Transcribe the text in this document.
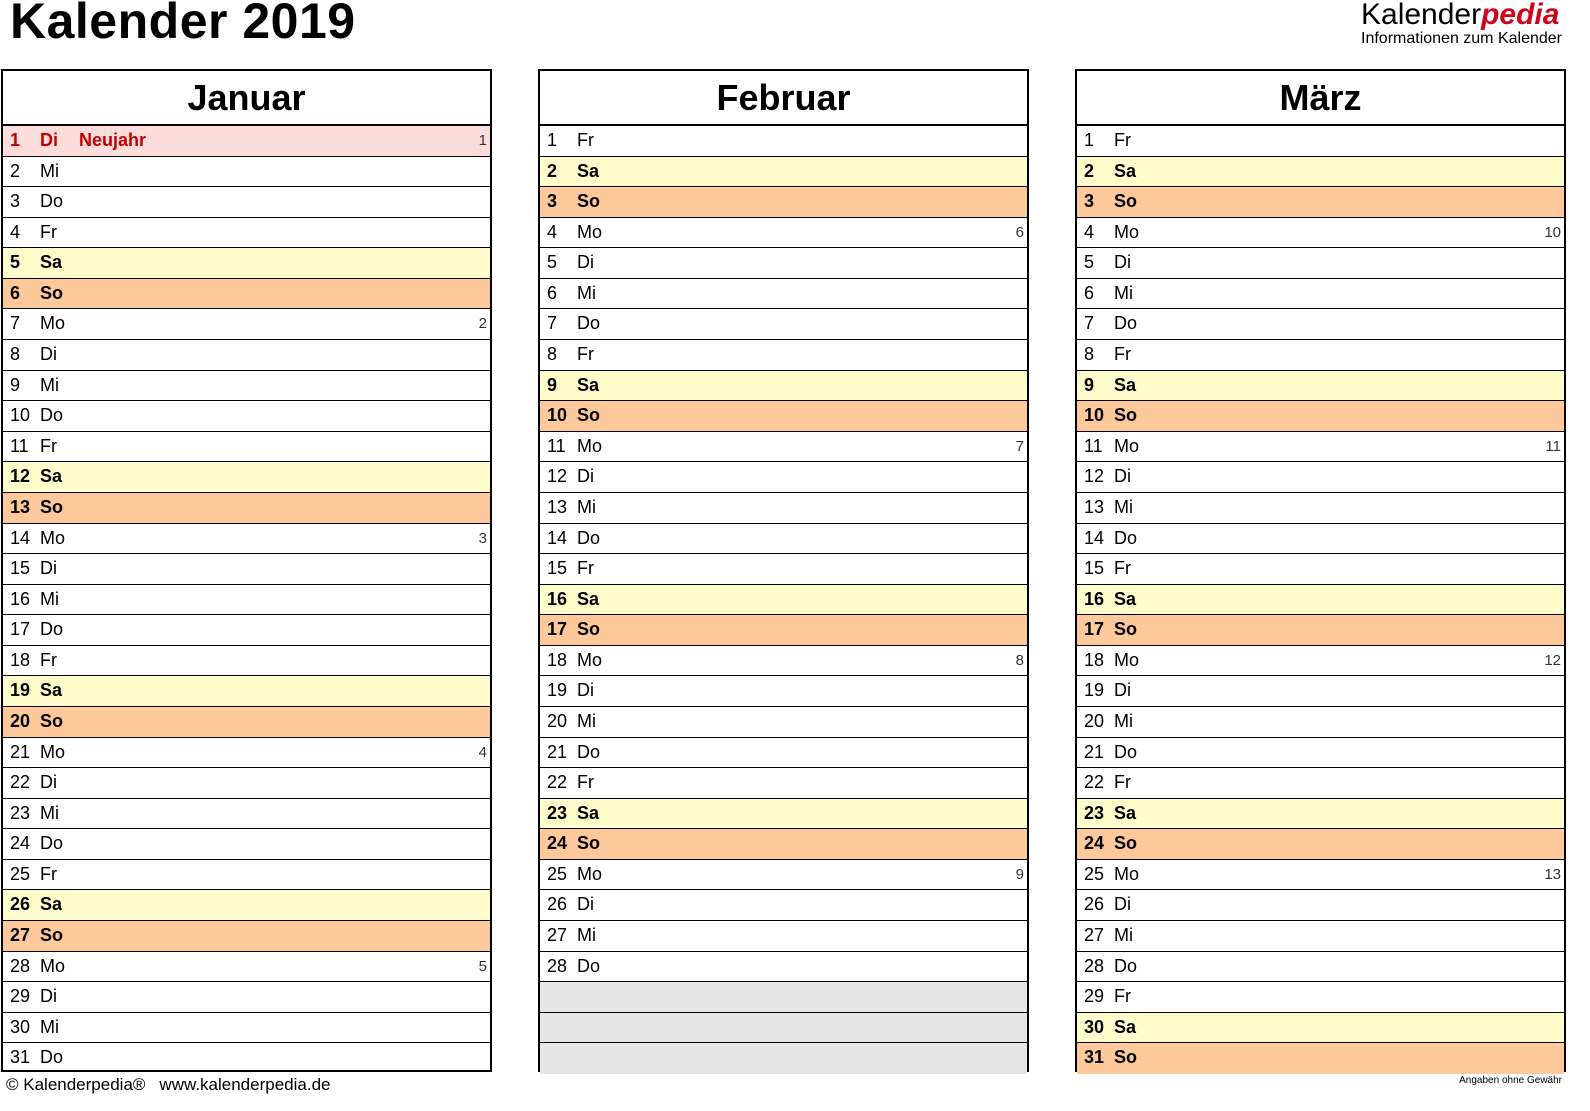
Kalender 2019	Kalenderpedia
Informationen zum Kalender
Januar
1 Di Neujahr	1
2 Mi
3 Do
4 Fr
5 Sa
6 So
7 Mo	2
8 Di
9 Mi
10 Do
11 Fr
12 Sa
13 So
14 Mo	3
15 Di
16 Mi
17 Do
18 Fr
19 Sa
20 So
21 Mo	4
22 Di
23 Mi
24 Do
25 Fr
26 Sa
27 So
28 Mo	5
29 Di
30 Mi
31 Do
Februar
1 Fr
2 Sa
3 So
4 Mo	6
5 Di
6 Mi
7 Do
8 Fr
9 Sa
10 So
11 Mo	7
12 Di
13 Mi
14 Do
15 Fr
16 Sa
17 So
18 Mo	8
19 Di
20 Mi
21 Do
22 Fr
23 Sa
24 So
25 Mo	9
26 Di
27 Mi
28 Do
März
1 Fr
2 Sa
3 So
4 Mo	10
5 Di
6 Mi
7 Do
8 Fr
9 Sa
10 So
11 Mo	11
12 Di
13 Mi
14 Do
15 Fr
16 Sa
17 So
18 Mo	12
19 Di
20 Mi
21 Do
22 Fr
23 Sa
24 So
25 Mo	13
26 Di
27 Mi
28 Do
29 Fr
30 Sa
31 So
© Kalenderpedia® www.kalenderpedia.de	Angaben ohne Gewähr
